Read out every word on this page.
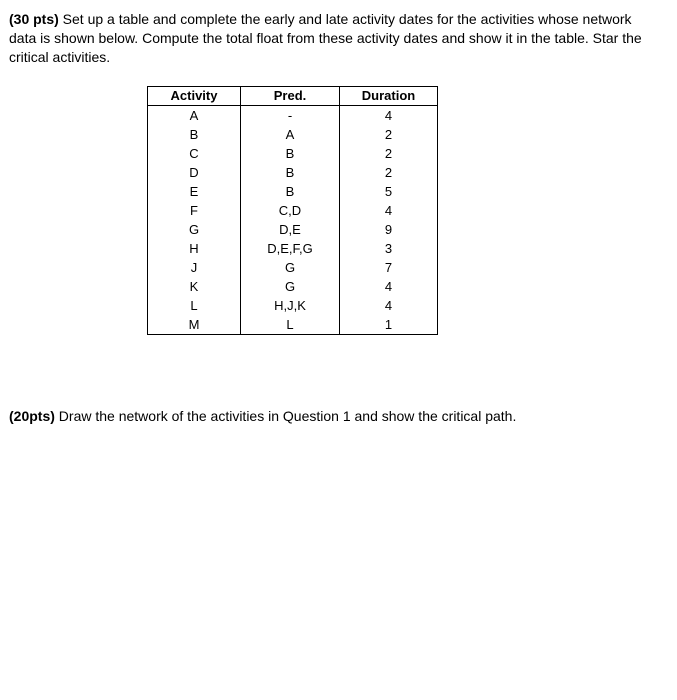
(30 pts) Set up a table and complete the early and late activity dates for the activities whose network data is shown below. Compute the total float from these activity dates and show it in the table. Star the critical activities.
Activity	Pred.	Duration
A	-	4
B	A	2
C	B	2
D	B	2
E	B	5
F	C,D	4
G	D,E	9
H	D,E,F,G	3
J	G	7
K	G	4
L	H,J,K	4
M	L	1
(20pts) Draw the network of the activities in Question 1 and show the critical path.
